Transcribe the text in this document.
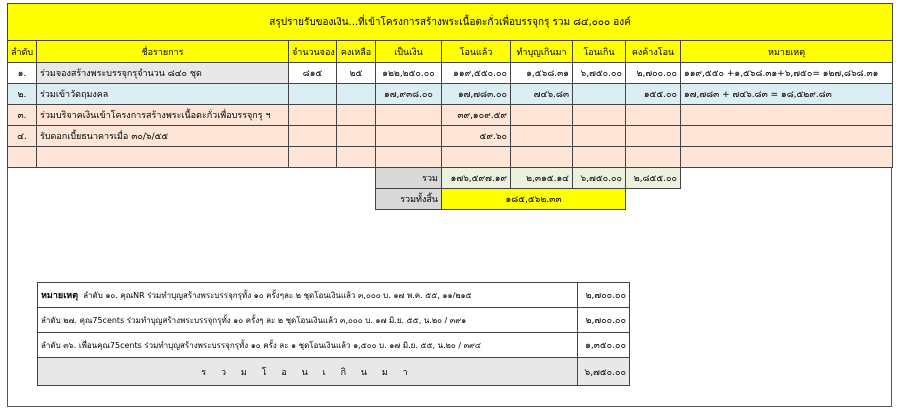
สรุปรายรับของเงิน...ที่เข้าโครงการสร้างพระเนื้อตะกั่วเพื่อบรรจุกรุ รวม ๘๔,๐๐๐ องค์									
ลำดับ	ชื่อรายการ	จำนวนจอง	คงเหลือ	เป็นเงิน	โอนแล้ว	ทำบุญเกินมา	โอนเกิน	คงค้างโอน	หมายเหตุ
๑.	ร่วมจองสร้างพระบรรจุกรุจำนวน ๘๔๐ ชุด	๘๑๕	๒๕	๑๒๒,๒๕๐.๐๐	๑๑๙,๕๕๐.๐๐	๑,๕๖๘.๓๑	๖,๗๕๐.๐๐	๒,๗๐๐.๐๐	๑๑๙,๕๕๐ +๑,๕๖๘.๓๑+๖,๗๕๐= ๑๒๗,๘๖๘.๓๑
๒.	ร่วมเข้าวัดฤมงคล			๑๗,๙๓๘.๐๐	๑๗,๗๘๓.๐๐	๗๔๖.๘๓		๑๕๕.๐๐	๑๗,๗๘๓ + ๗๔๖.๘๓ = ๑๘,๕๒๙.๘๓
๓.	ร่วมบริจาคเงินเข้าโครงการสร้างพระเนื้อตะกั่วเพื่อบรรจุกรุ ฯ				๓๙,๑๐๙.๕๙				
๔.	รับดอกเบี้ยธนาคารเมื่อ ๓๐/๖/๕๕				๕๙.๖๐				

				รวม	๑๗๖,๕๙๗.๑๙	๒,๓๑๕.๑๔	๖,๗๕๐.๐๐	๒,๘๕๕.๐๐	
				รวมทั้งสิ้น	๑๘๕,๕๖๒.๓๓				
หมายเหตุ ลำดับ ๑๐. คุณNR ร่วมทำบุญสร้างพระบรรจุกรุทั้ง ๑๐ ครั้งๆละ ๒ ชุดโอนเงินแล้ว ๓,๐๐๐ บ. ๑๗ พ.ค. ๕๕, ๑๑/๒๑๕	๒,๗๐๐.๐๐
ลำดับ ๒๗. คุณ75cents ร่วมทำบุญสร้างพระบรรจุกรุทั้ง ๑๐ ครั้งๆ ละ ๒ ชุดโอนเงินแล้ว ๓,๐๐๐ บ. ๑๗ มิ.ย. ๕๕, น.๒๐ / ๓๙๑	๒,๗๐๐.๐๐
ลำดับ ๓๖. เพื่อนคุณ75cents ร่วมทำบุญสร้างพระบรรจุกรุทั้ง ๑๐ ครั้ง ละ ๑ ชุดโอนเงินแล้ว ๑,๕๐๐ บ. ๑๗ มิ.ย. ๕๕, น.๒๐ / ๓๙๔	๑,๓๕๐.๐๐
ร ว ม โ อ น เ กิ น ม า	๖,๗๕๐.๐๐
